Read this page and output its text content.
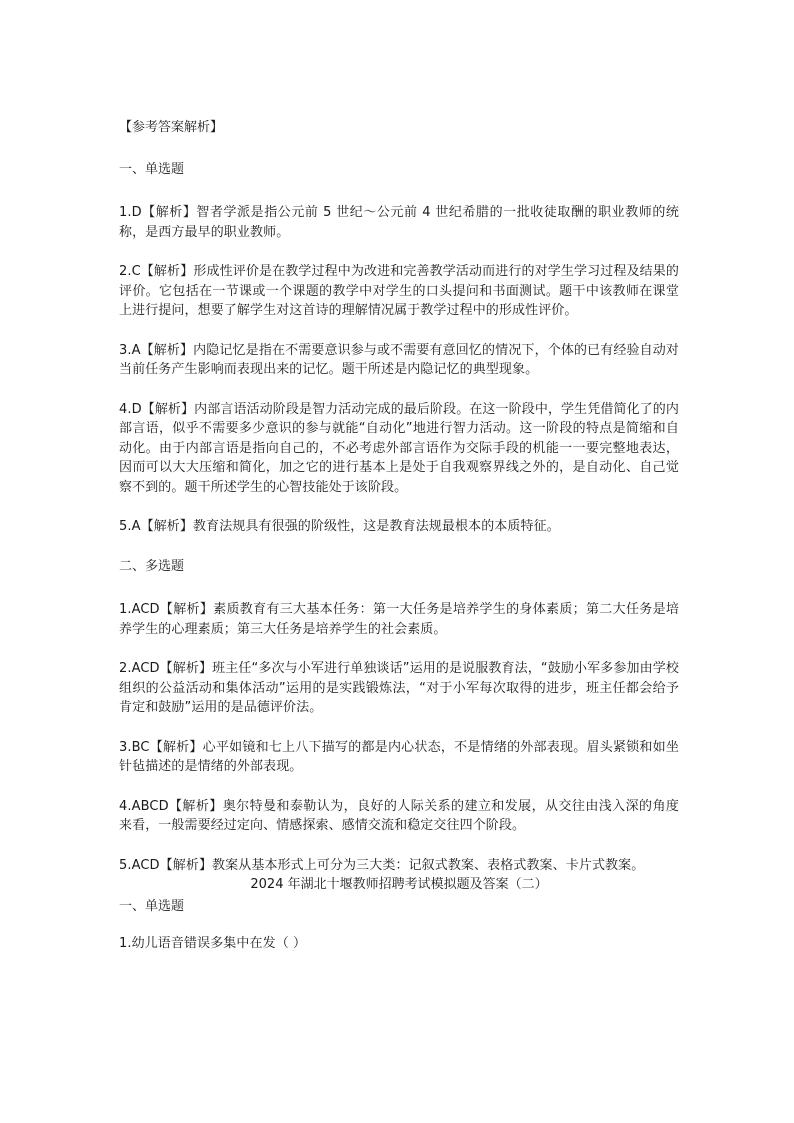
【参考答案解析】
一、单选题
1.D【解析】智者学派是指公元前 5 世纪～公元前 4 世纪希腊的一批收徒取酬的职业教师的统称，是西方最早的职业教师。
2.C【解析】形成性评价是在教学过程中为改进和完善教学活动而进行的对学生学习过程及结果的评价。它包括在一节课或一个课题的教学中对学生的口头提问和书面测试。题干中该教师在课堂上进行提问，想要了解学生对这首诗的理解情况属于教学过程中的形成性评价。
3.A【解析】内隐记忆是指在不需要意识参与或不需要有意回忆的情况下，个体的已有经验自动对当前任务产生影响而表现出来的记忆。题干所述是内隐记忆的典型现象。
4.D【解析】内部言语活动阶段是智力活动完成的最后阶段。在这一阶段中，学生凭借简化了的内部言语，似乎不需要多少意识的参与就能“自动化”地进行智力活动。这一阶段的特点是简缩和自动化。由于内部言语是指向自己的，不必考虑外部言语作为交际手段的机能一一要完整地表达，因而可以大大压缩和简化，加之它的进行基本上是处于自我观察界线之外的，是自动化、自己觉察不到的。题干所述学生的心智技能处于该阶段。
5.A【解析】教育法规具有很强的阶级性，这是教育法规最根本的本质特征。
二、多选题
1.ACD【解析】素质教育有三大基本任务：第一大任务是培养学生的身体素质；第二大任务是培养学生的心理素质；第三大任务是培养学生的社会素质。
2.ACD【解析】班主任“多次与小军进行单独谈话”运用的是说服教育法，“鼓励小军多参加由学校组织的公益活动和集体活动”运用的是实践锻炼法，“对于小军每次取得的进步，班主任都会给予肯定和鼓励”运用的是品德评价法。
3.BC【解析】心平如镜和七上八下描写的都是内心状态，不是情绪的外部表现。眉头紧锁和如坐针毡描述的是情绪的外部表现。
4.ABCD【解析】奥尔特曼和泰勒认为，良好的人际关系的建立和发展，从交往由浅入深的角度来看，一般需要经过定向、情感探索、感情交流和稳定交往四个阶段。
5.ACD【解析】教案从基本形式上可分为三大类：记叙式教案、表格式教案、卡片式教案。
2024 年湖北十堰教师招聘考试模拟题及答案（二）
一、单选题
1.幼儿语音错误多集中在发（ ）
